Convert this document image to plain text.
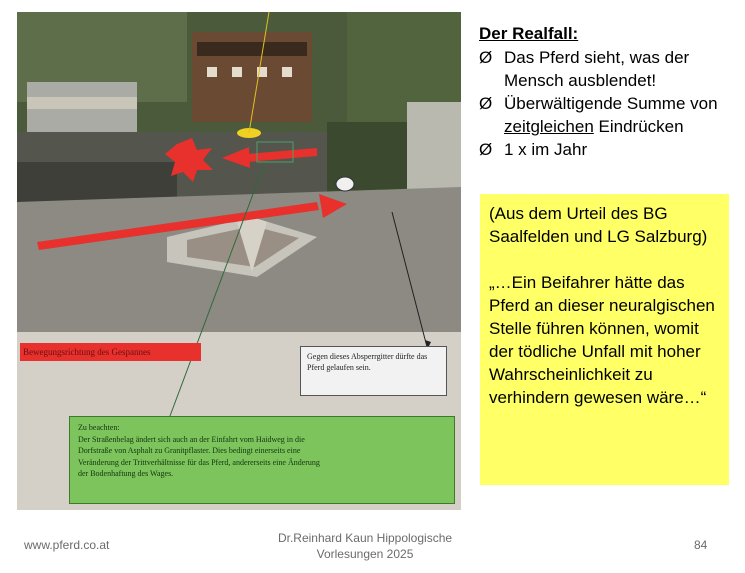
Bewegungsrichtung des Gespannes	Gegen dieses Absperrgitter dürfte das Pferd gelaufen sein.
Zu beachten:
Der Straßenbelag ändert sich auch an der Einfahrt vom Haidweg in die
Dorfstraße von Asphalt zu Granitpflaster. Dies bedingt einerseits eine
Veränderung der Trittverhältnisse für das Pferd, andererseits eine Änderung
der Bodenhaftung des Wages.
Der Realfall:
Ø Das Pferd sieht, was der Mensch ausblendet!
Ø Überwältigende Summe von zeitgleichen Eindrücken
Ø 1 x im Jahr

(Aus dem Urteil des BG Saalfelden und LG Salzburg)

„…Ein Beifahrer hätte das Pferd an dieser neuralgischen Stelle führen können, womit der tödliche Unfall mit hoher Wahrscheinlichkeit zu verhindern gewesen wäre…“

www.pferd.co.at	Dr.Reinhard Kaun Hippologische
Vorlesungen 2025
84
